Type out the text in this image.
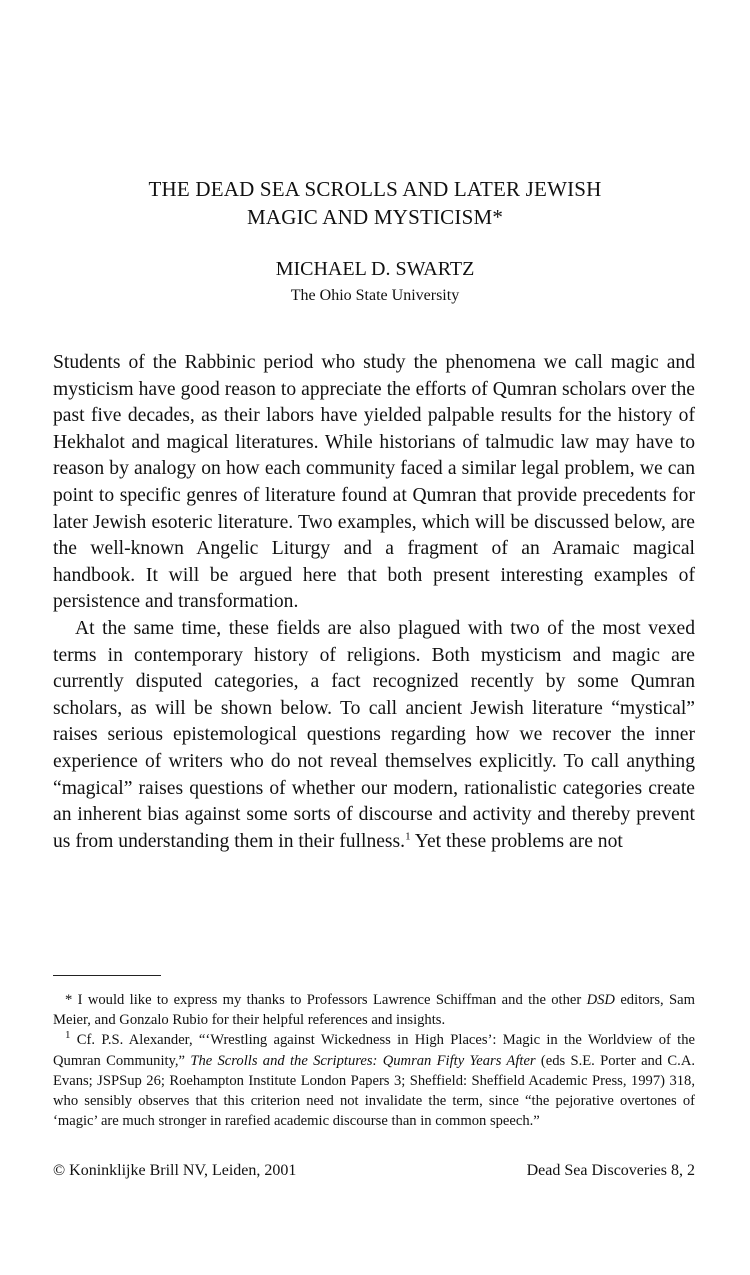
THE DEAD SEA SCROLLS AND LATER JEWISH
MAGIC AND MYSTICISM*
MICHAEL D. SWARTZ
The Ohio State University

Students of the Rabbinic period who study the phenomena we call magic and mysticism have good reason to appreciate the efforts of Qumran scholars over the past five decades, as their labors have yielded palpable results for the history of Hekhalot and magical literatures. While historians of talmudic law may have to reason by analogy on how each community faced a similar legal problem, we can point to specific genres of literature found at Qumran that provide precedents for later Jewish esoteric literature. Two examples, which will be discussed below, are the well-known Angelic Liturgy and a fragment of an Aramaic magical handbook. It will be argued here that both present interesting examples of persistence and transformation.

At the same time, these fields are also plagued with two of the most vexed terms in contemporary history of religions. Both mysticism and magic are currently disputed categories, a fact recognized recently by some Qumran scholars, as will be shown below. To call ancient Jewish literature “mystical” raises serious epistemological questions regarding how we recover the inner experience of writers who do not reveal themselves explicitly. To call anything “magical” raises questions of whether our modern, rationalistic categories create an inherent bias against some sorts of discourse and activity and thereby prevent us from understanding them in their fullness.$^1$ Yet these problems are not

* I would like to express my thanks to Professors Lawrence Schiffman and the other DSD editors, Sam Meier, and Gonzalo Rubio for their helpful references and insights.

$^1$ Cf. P.S. Alexander, “‘Wrestling against Wickedness in High Places’: Magic in the Worldview of the Qumran Community,” The Scrolls and the Scriptures: Qumran Fifty Years After (eds S.E. Porter and C.A. Evans; JSPSup 26; Roehampton Institute London Papers 3; Sheffield: Sheffield Academic Press, 1997) 318, who sensibly observes that this criterion need not invalidate the term, since “the pejorative overtones of ‘magic’ are much stronger in rarefied academic discourse than in common speech.”

© Koninklijke Brill NV, Leiden, 2001	Dead Sea Discoveries 8, 2
